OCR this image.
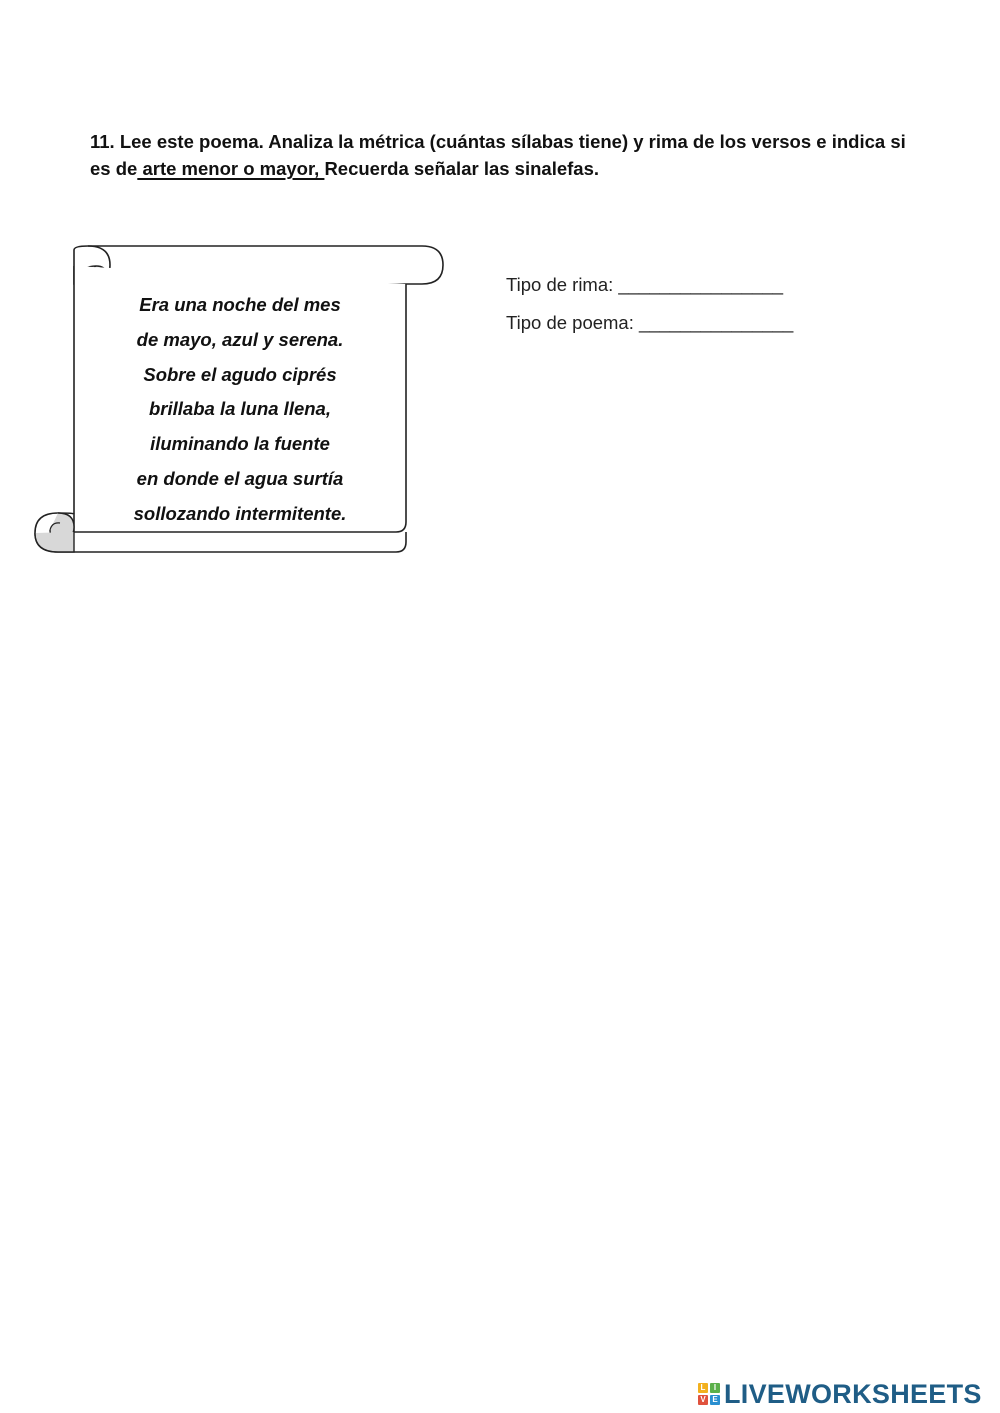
11. Lee este poema. Analiza la métrica (cuántas sílabas tiene) y rima de los versos e indica si es de arte menor o mayor, Recuerda señalar las sinalefas.
Era una noche del mes
de mayo, azul y serena.
Sobre el agudo ciprés
brillaba la luna llena,
iluminando la fuente
en donde el agua surtía
sollozando intermitente.
Tipo de rima: ________________
Tipo de poema: _______________
L	I
V E LIVEWORKSHEETS
